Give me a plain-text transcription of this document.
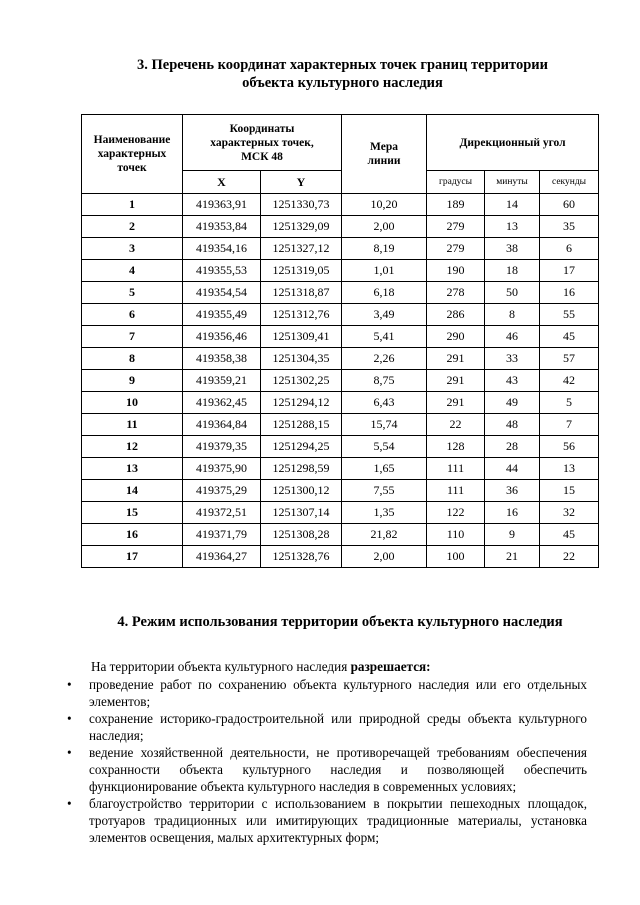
3. Перечень координат характерных точек границ территории
объекта культурного наследия
Наименование характерных точек	Координаты характерных точек, МСК 48		Мера линии	Дирекционный угол		
	X	Y		градусы	минуты	секунды
1	419363,91	1251330,73	10,20	189	14	60
2	419353,84	1251329,09	2,00	279	13	35
3	419354,16	1251327,12	8,19	279	38	6
4	419355,53	1251319,05	1,01	190	18	17
5	419354,54	1251318,87	6,18	278	50	16
6	419355,49	1251312,76	3,49	286	8	55
7	419356,46	1251309,41	5,41	290	46	45
8	419358,38	1251304,35	2,26	291	33	57
9	419359,21	1251302,25	8,75	291	43	42
10	419362,45	1251294,12	6,43	291	49	5
11	419364,84	1251288,15	15,74	22	48	7
12	419379,35	1251294,25	5,54	128	28	56
13	419375,90	1251298,59	1,65	111	44	13
14	419375,29	1251300,12	7,55	111	36	15
15	419372,51	1251307,14	1,35	122	16	32
16	419371,79	1251308,28	21,82	110	9	45
17	419364,27	1251328,76	2,00	100	21	22
4. Режим использования территории объекта культурного наследия
На территории объекта культурного наследия разрешается:
• проведение работ по сохранению объекта культурного наследия или его отдельных элементов;
• сохранение историко-градостроительной или природной среды объекта культурного наследия;
• ведение хозяйственной деятельности, не противоречащей требованиям обеспечения сохранности объекта культурного наследия и позволяющей обеспечить функционирование объекта культурного наследия в современных условиях;
• благоустройство территории с использованием в покрытии пешеходных площадок, тротуаров традиционных или имитирующих традиционные материалы, установка элементов освещения, малых архитектурных форм;
